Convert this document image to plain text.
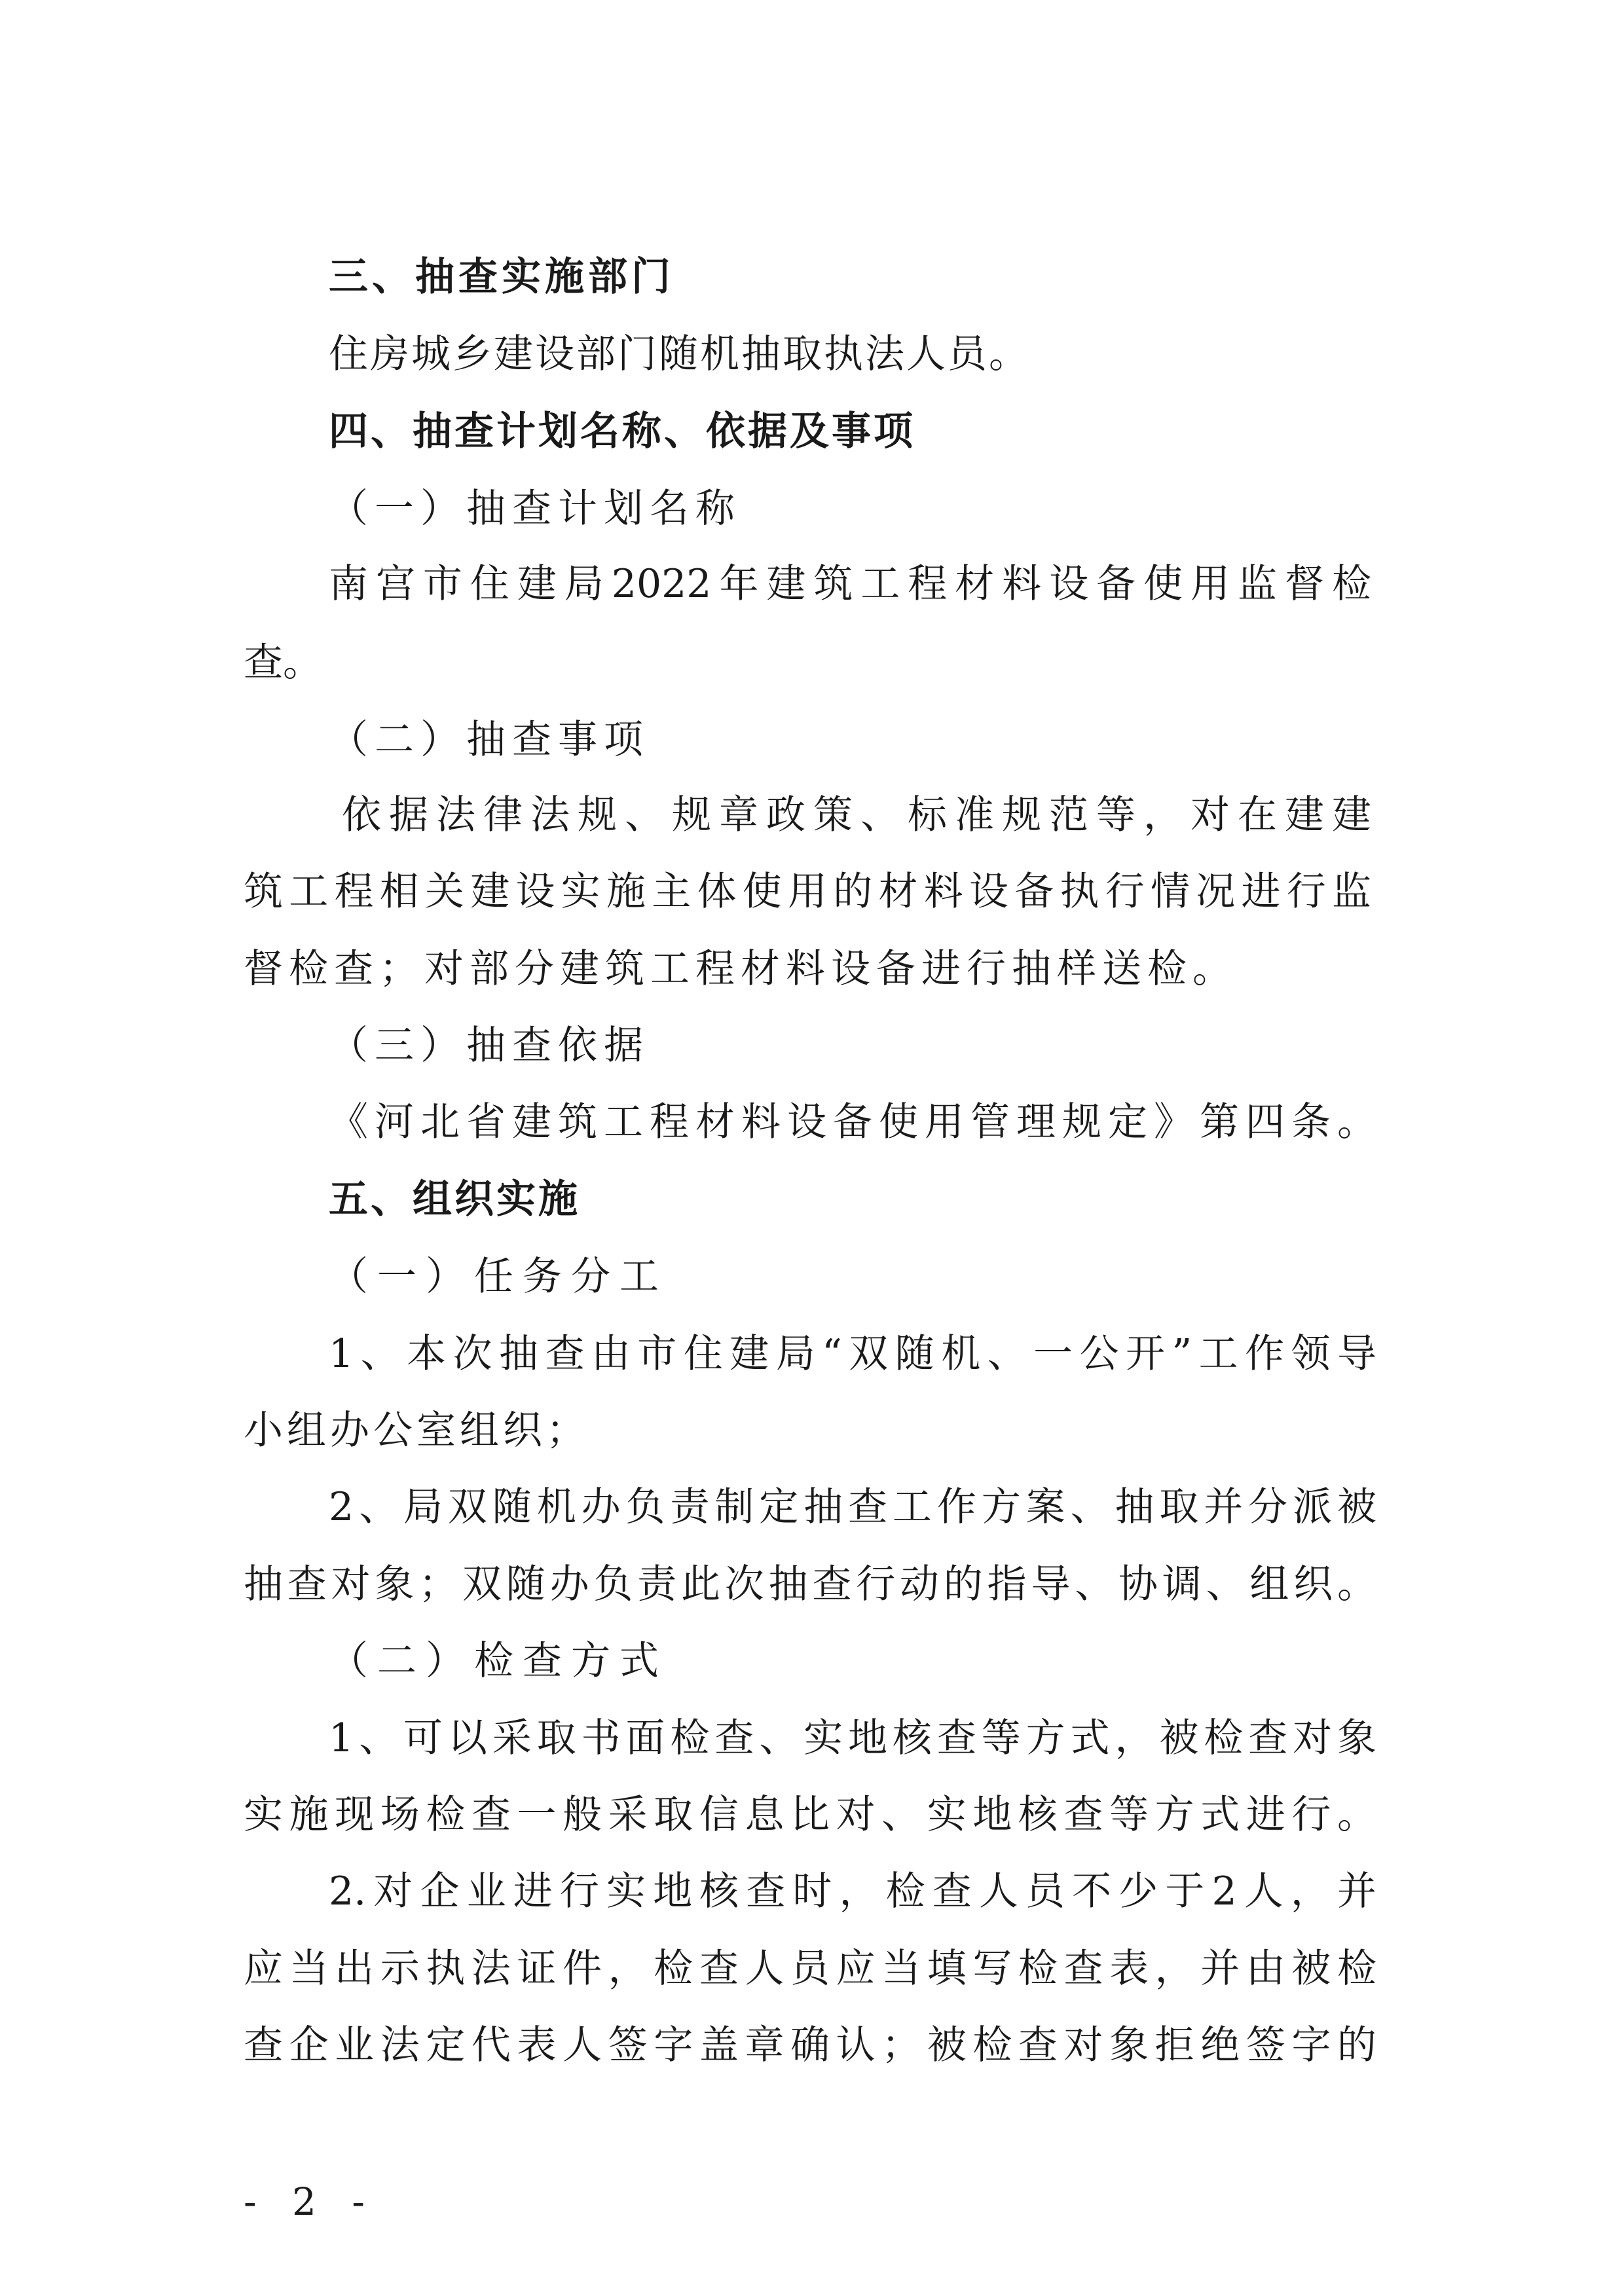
三、抽查实施部门
住房城乡建设部门随机抽取执法人员。
四、抽查计划名称、依据及事项
（一）抽查计划名称
南宫市住建局2022年建筑工程材料设备使用监督检
查。
（二）抽查事项
依据法律法规、规章政策、标准规范等，对在建建
筑工程相关建设实施主体使用的材料设备执行情况进行监
督检查；对部分建筑工程材料设备进行抽样送检。
（三）抽查依据
《河北省建筑工程材料设备使用管理规定》第四条。
五、组织实施
（一）任务分工
1、本次抽查由市住建局“双随机、一公开”工作领导
小组办公室组织；
2、局双随机办负责制定抽查工作方案、抽取并分派被
抽查对象；双随办负责此次抽查行动的指导、协调、组织。
（二）检查方式
1、可以采取书面检查、实地核查等方式，被检查对象
实施现场检查一般采取信息比对、实地核查等方式进行。
2.对企业进行实地核查时，检查人员不少于2人，并
应当出示执法证件，检查人员应当填写检查表，并由被检
查企业法定代表人签字盖章确认；被检查对象拒绝签字的
- 2 -
